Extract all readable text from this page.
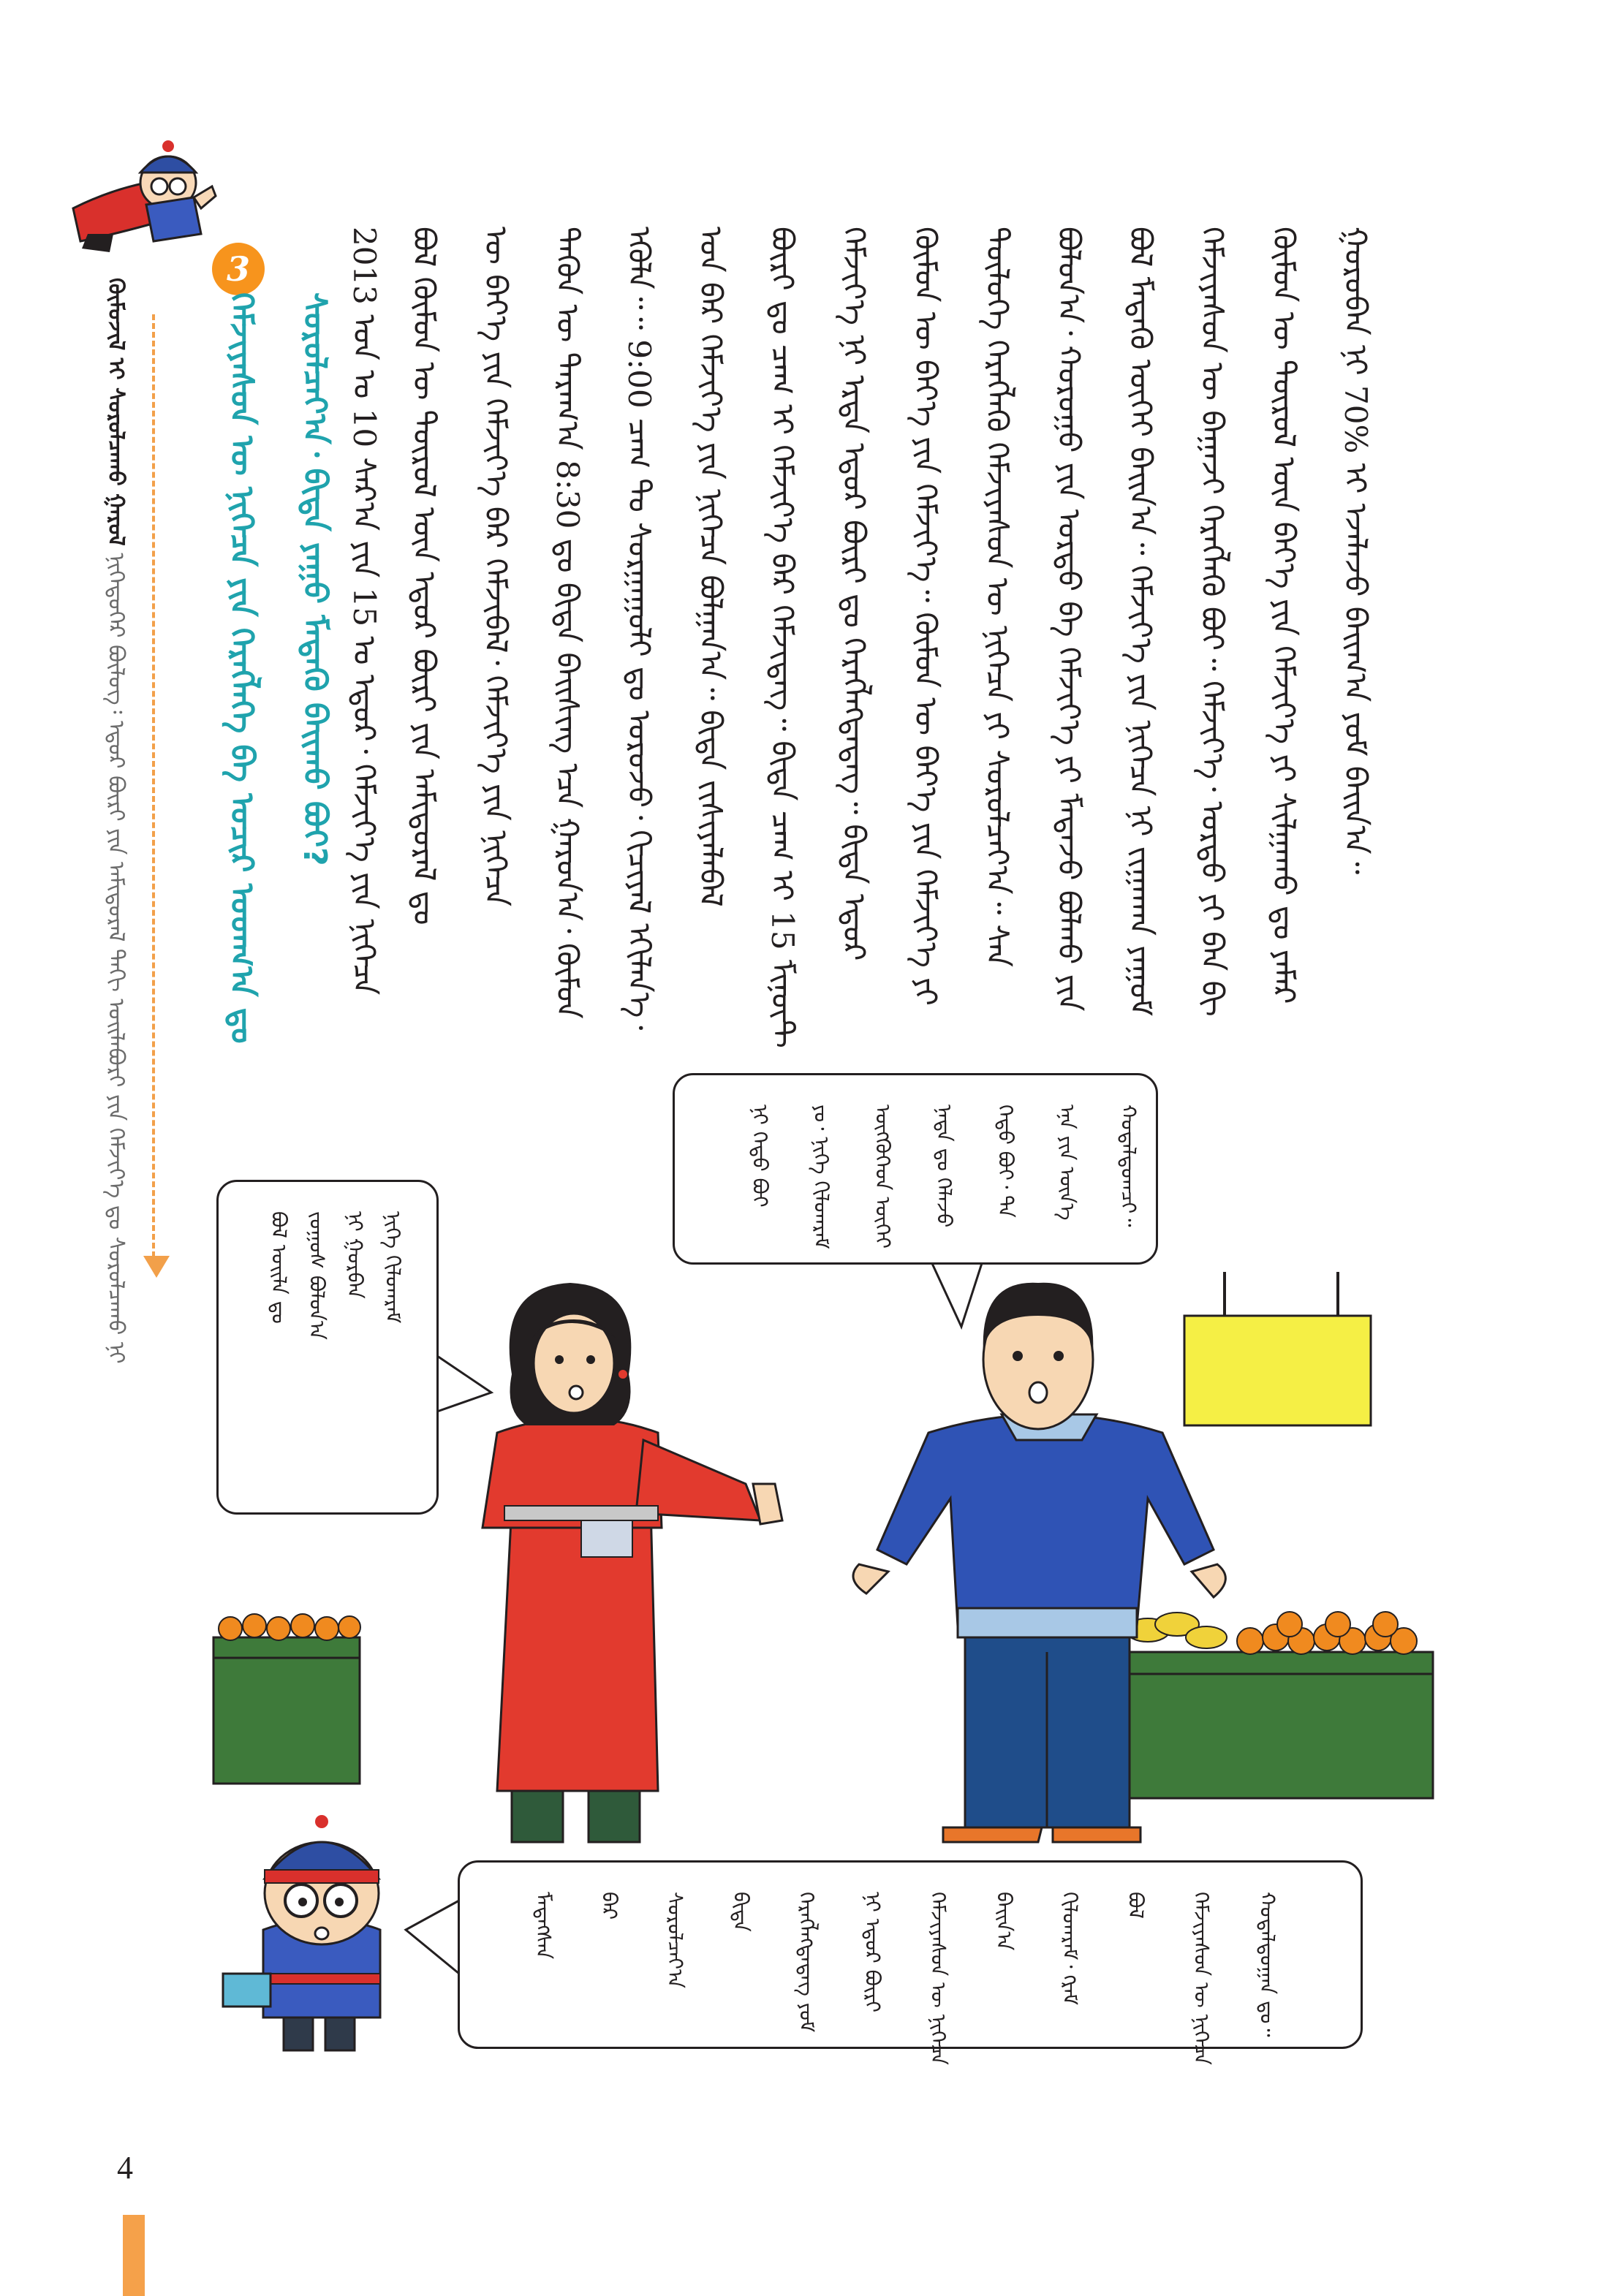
ᠬᠦᠮᠦᠵᠢᠯ ᠢ ᠰᠤᠷᠤᠯᠴᠠᠬᠤ ᠭᠠᠷᠤᠯ ᠨᠢᠭᠡᠳᠦᠭᠡᠷ ᠪᠦᠯᠦᠭ᠄ ᠡᠳᠦᠷ ᠪᠦᠷᠢ ᠶᠢᠨ ᠠᠮᠢᠳᠤᠷᠠᠯ ᠳᠠᠬᠢ ᠤᠢᠯᠠᠪᠤᠷᠢ ᠶᠢᠨ ᠬᠡᠮᠵᠢᠶ᠎ᠡ ᠳᠤ ᠰᠤᠷᠤᠯᠴᠠᠬᠤ ᠨᠢ
ᠭᠤᠷᠤᠪᠠᠨ ᠨᠢ 70% ᠢ ᠡᠵᠡᠯᠡᠵᠦ ᠪᠠᠢᠭ᠎ᠠ ᠶᠤᠮ ᠪᠠᠢᠨ᠎ᠠ᠃
ᠬᠦᠮᠦᠨ ᠦ ᠲᠦᠷᠦᠯ ᠦᠨ ᠪᠡᠶ᠎ᠡ ᠶᠢᠨ ᠬᠡᠮᠵᠢᠶ᠎ᠡ ᠶᠢ ᠰᠢᠯᠭᠠᠬᠤ ᠳᠤ ᠶᠠᠮᠠᠷ
ᠬᠡᠮᠵᠢᠶᠡᠰᠦᠨ ᠦ ᠪᠠᠭᠠᠵᠢ ᠬᠡᠷᠡᠭᠯᠡᠬᠦ ᠪᠤᠢ᠃ ᠬᠡᠮᠵᠢᠶ᠎ᠡ᠂ ᠤᠷᠳᠤ ᠶᠢ ᠪᠡᠨ ᠪᠢ
ᠪᠣᠯ ᠮᠡᠳᠡᠬᠦ ᠦᠭᠡᠢ ᠪᠠᠢᠨ᠎ᠠ᠃ ᠬᠡᠮᠵᠢᠶ᠎ᠡ ᠶᠢᠨ ᠨᠢᠭᠡᠴᠡ ᠨᠢ ᠵᠢᠭᠠᠬᠠᠨ ᠶᠠᠭᠤᠮ
ᠪᠣᠯᠤᠨ᠎ᠠ᠂ ᠬᠤᠷᠤᠭᠤ ᠶᠢᠨ ᠤᠷᠳᠤ ᠪᠠ ᠬᠡᠮᠵᠢᠶ᠎ᠡ ᠶᠢ ᠮᠡᠳᠡᠵᠦ ᠪᠤᠯᠬᠤ ᠶᠢᠨ
ᠲᠥᠯᠦᠭᠡ ᠬᠡᠷᠡᠭᠯᠡᠬᠦ ᠬᠡᠮᠵᠢᠶᠡᠰᠦᠨ ᠦ ᠨᠢᠭᠡᠴᠡ ᠶᠢ ᠰᠤᠷᠤᠯᠴᠠᠶ᠎ᠠ᠃ ᠰᠡᠨ
ᠬᠦᠮᠦᠨ ᠦ ᠪᠡᠶ᠎ᠡ ᠶᠢᠨ ᠬᠡᠮᠵᠢᠶ᠎ᠡ᠃ ᠬᠦᠮᠦᠨ ᠦ ᠪᠡᠶ᠎ᠡ ᠶᠢᠨ ᠬᠡᠮᠵᠢᠶ᠎ᠡ ᠶᠢ
ᠬᠡᠮᠵᠢᠶ᠎ᠡ ᠨᠢ ᠡᠷᠲᠡ ᠡᠳᠦᠷ ᠪᠦᠷᠢ ᠳᠤ ᠬᠡᠷᠡᠭᠯᠡᠭᠳᠡᠳᠡᠭ᠃ ᠪᠢᠳᠡ ᠡᠳᠦᠷ
ᠪᠦᠷᠢ ᠳᠤ ᠴᠠᠭ ᠢ ᠬᠡᠮᠵᠢᠶ᠎ᠡ ᠪᠡᠷ ᠬᠡᠮᠵᠢᠳᠡᠭ᠃ ᠪᠢᠳᠡ ᠴᠠᠭ ᠢ 15 ᠮᠢᠨᠦ᠋ᠲ
ᠤᠨ ᠪᠡᠷ ᠬᠡᠮᠵᠢᠶ᠎ᠡ ᠶᠢᠨ ᠨᠢᠭᠡᠴᠡ ᠪᠣᠯᠭᠠᠨ᠎ᠠ᠃ ᠪᠢᠳᠡ ᠵᠢᠱᠢᠶᠡᠯᠡᠪᠡᠯ
ᠡᠭᠦᠯᠡ᠃᠃ 9:00 ᠴᠠᠭ ᠲᠤ ᠰᠤᠷᠭᠠᠭᠤᠯᠢ ᠳᠤ ᠣᠷᠣᠵᠤ᠂ ᠬᠢᠴᠢᠶᠡᠯ ᠡᠬᠢᠯᠡᠨ᠎ᠡ᠂
ᠲᠡᠭᠦᠨ ᠦ ᠳᠠᠷᠠᠭ᠎ᠠ 8:30 ᠳᠤ ᠪᠢᠳᠡ ᠪᠠᠢᠰᠢᠩ ᠡᠴᠡ ᠭᠠᠷᠤᠨ᠎ᠠ᠂ ᠬᠦᠮᠦᠨ
ᠦ ᠪᠡᠶ᠎ᠡ ᠶᠢᠨ ᠬᠡᠮᠵᠢᠶ᠎ᠡ ᠪᠡᠷ ᠬᠡᠮᠵᠢᠪᠡᠯ᠂ ᠬᠡᠮᠵᠢᠶ᠎ᠡ ᠶᠢᠨ ᠨᠢᠭᠡᠴᠡ
ᠪᠣᠯ ᠬᠦᠮᠦᠨ ᠦ ᠲᠦᠷᠦᠯ ᠦᠨ ᠡᠳᠦᠷ ᠪᠦᠷᠢ ᠶᠢᠨ ᠠᠮᠢᠳᠤᠷᠠᠯ ᠳᠤ
2013 ᠣᠨ ᠤ 10 ᠰᠠᠷ᠎ᠠ ᠶᠢᠨ 15 ᠤ ᠡᠳᠦᠷ᠂ ᠬᠡᠮᠵᠢᠶ᠎ᠡ ᠶᠢᠨ ᠨᠢᠭᠡᠴᠡ
3
ᠬᠡᠮᠵᠢᠶᠡᠰᠦᠨ ᠦ ᠨᠢᠭᠡᠴᠡ ᠶᠢᠨ ᠬᠡᠷᠡᠭᠯᠡᠭᠡ ᠪᠠ ᠤᠴᠢᠷ ᠤᠳᠬ᠎ᠠ ᠳᠤ ᠰᠤᠷᠤᠯᠴᠠᠶ᠎ᠠ᠂ ᠪᠢᠳᠡ ᠶᠠᠭᠤ ᠮᠡᠳᠡᠬᠦ ᠪᠠᠢᠬᠤ ᠪᠤᠢ?
ᠬᠤᠳᠠᠯᠳᠤᠭᠴᠢ᠃
ᠡᠨᠡ ᠶᠢᠨ ᠦᠨ᠎ᠡ
ᠬᠡᠳᠦ ᠪᠤᠢ᠂ ᠲᠠ
ᠨᠠᠳᠠ ᠳᠤ ᠬᠡᠯᠡᠵᠦ
ᠦᠭᠭᠦᠭᠡᠳ ᠦᠭᠡᠢ
ᠶᠤ᠂ ᠨᠢᠭᠡ ᠬᠢᠯᠤᠭᠷᠠᠮ
ᠨᠢ ᠬᠡᠳᠦ ᠪᠤᠢ
ᠨᠢᠭᠡ ᠬᠢᠯᠤᠭᠷᠠᠮ
ᠨᠢ ᠭᠤᠷᠪᠠᠨ
ᠵᠣᠭᠣᠰ ᠪᠣᠯᠤᠨ᠎ᠠ
ᠪᠣᠯ ᠤᠢᠯᠠ ᠳᠤ
ᠬᠤᠳᠠᠯᠳᠤᠭᠠᠨ ᠳᠤ᠃
ᠬᠡᠮᠵᠢᠶᠡᠰᠦᠨ ᠦ ᠨᠢᠭᠡᠴᠡ
ᠪᠣᠯ
ᠬᠢᠯᠤᠭᠷᠠᠮ᠂ ᠭᠷᠠᠮ
ᠪᠠᠢᠨ᠎ᠠ
ᠬᠡᠮᠵᠢᠶᠡᠰᠦᠨ ᠦ ᠨᠢᠭᠡᠴᠡ
ᠨᠢ ᠡᠳᠦᠷ ᠪᠦᠷᠢ
ᠬᠡᠷᠡᠭᠯᠡᠭᠳᠡᠳᠡᠭ ᠶᠤᠮ
ᠪᠢᠳᠡ
ᠰᠤᠷᠤᠯᠴᠠᠶ᠎ᠠ
ᠪᠡᠷ
ᠮᠡᠳᠡᠭᠰᠡᠨ
4
